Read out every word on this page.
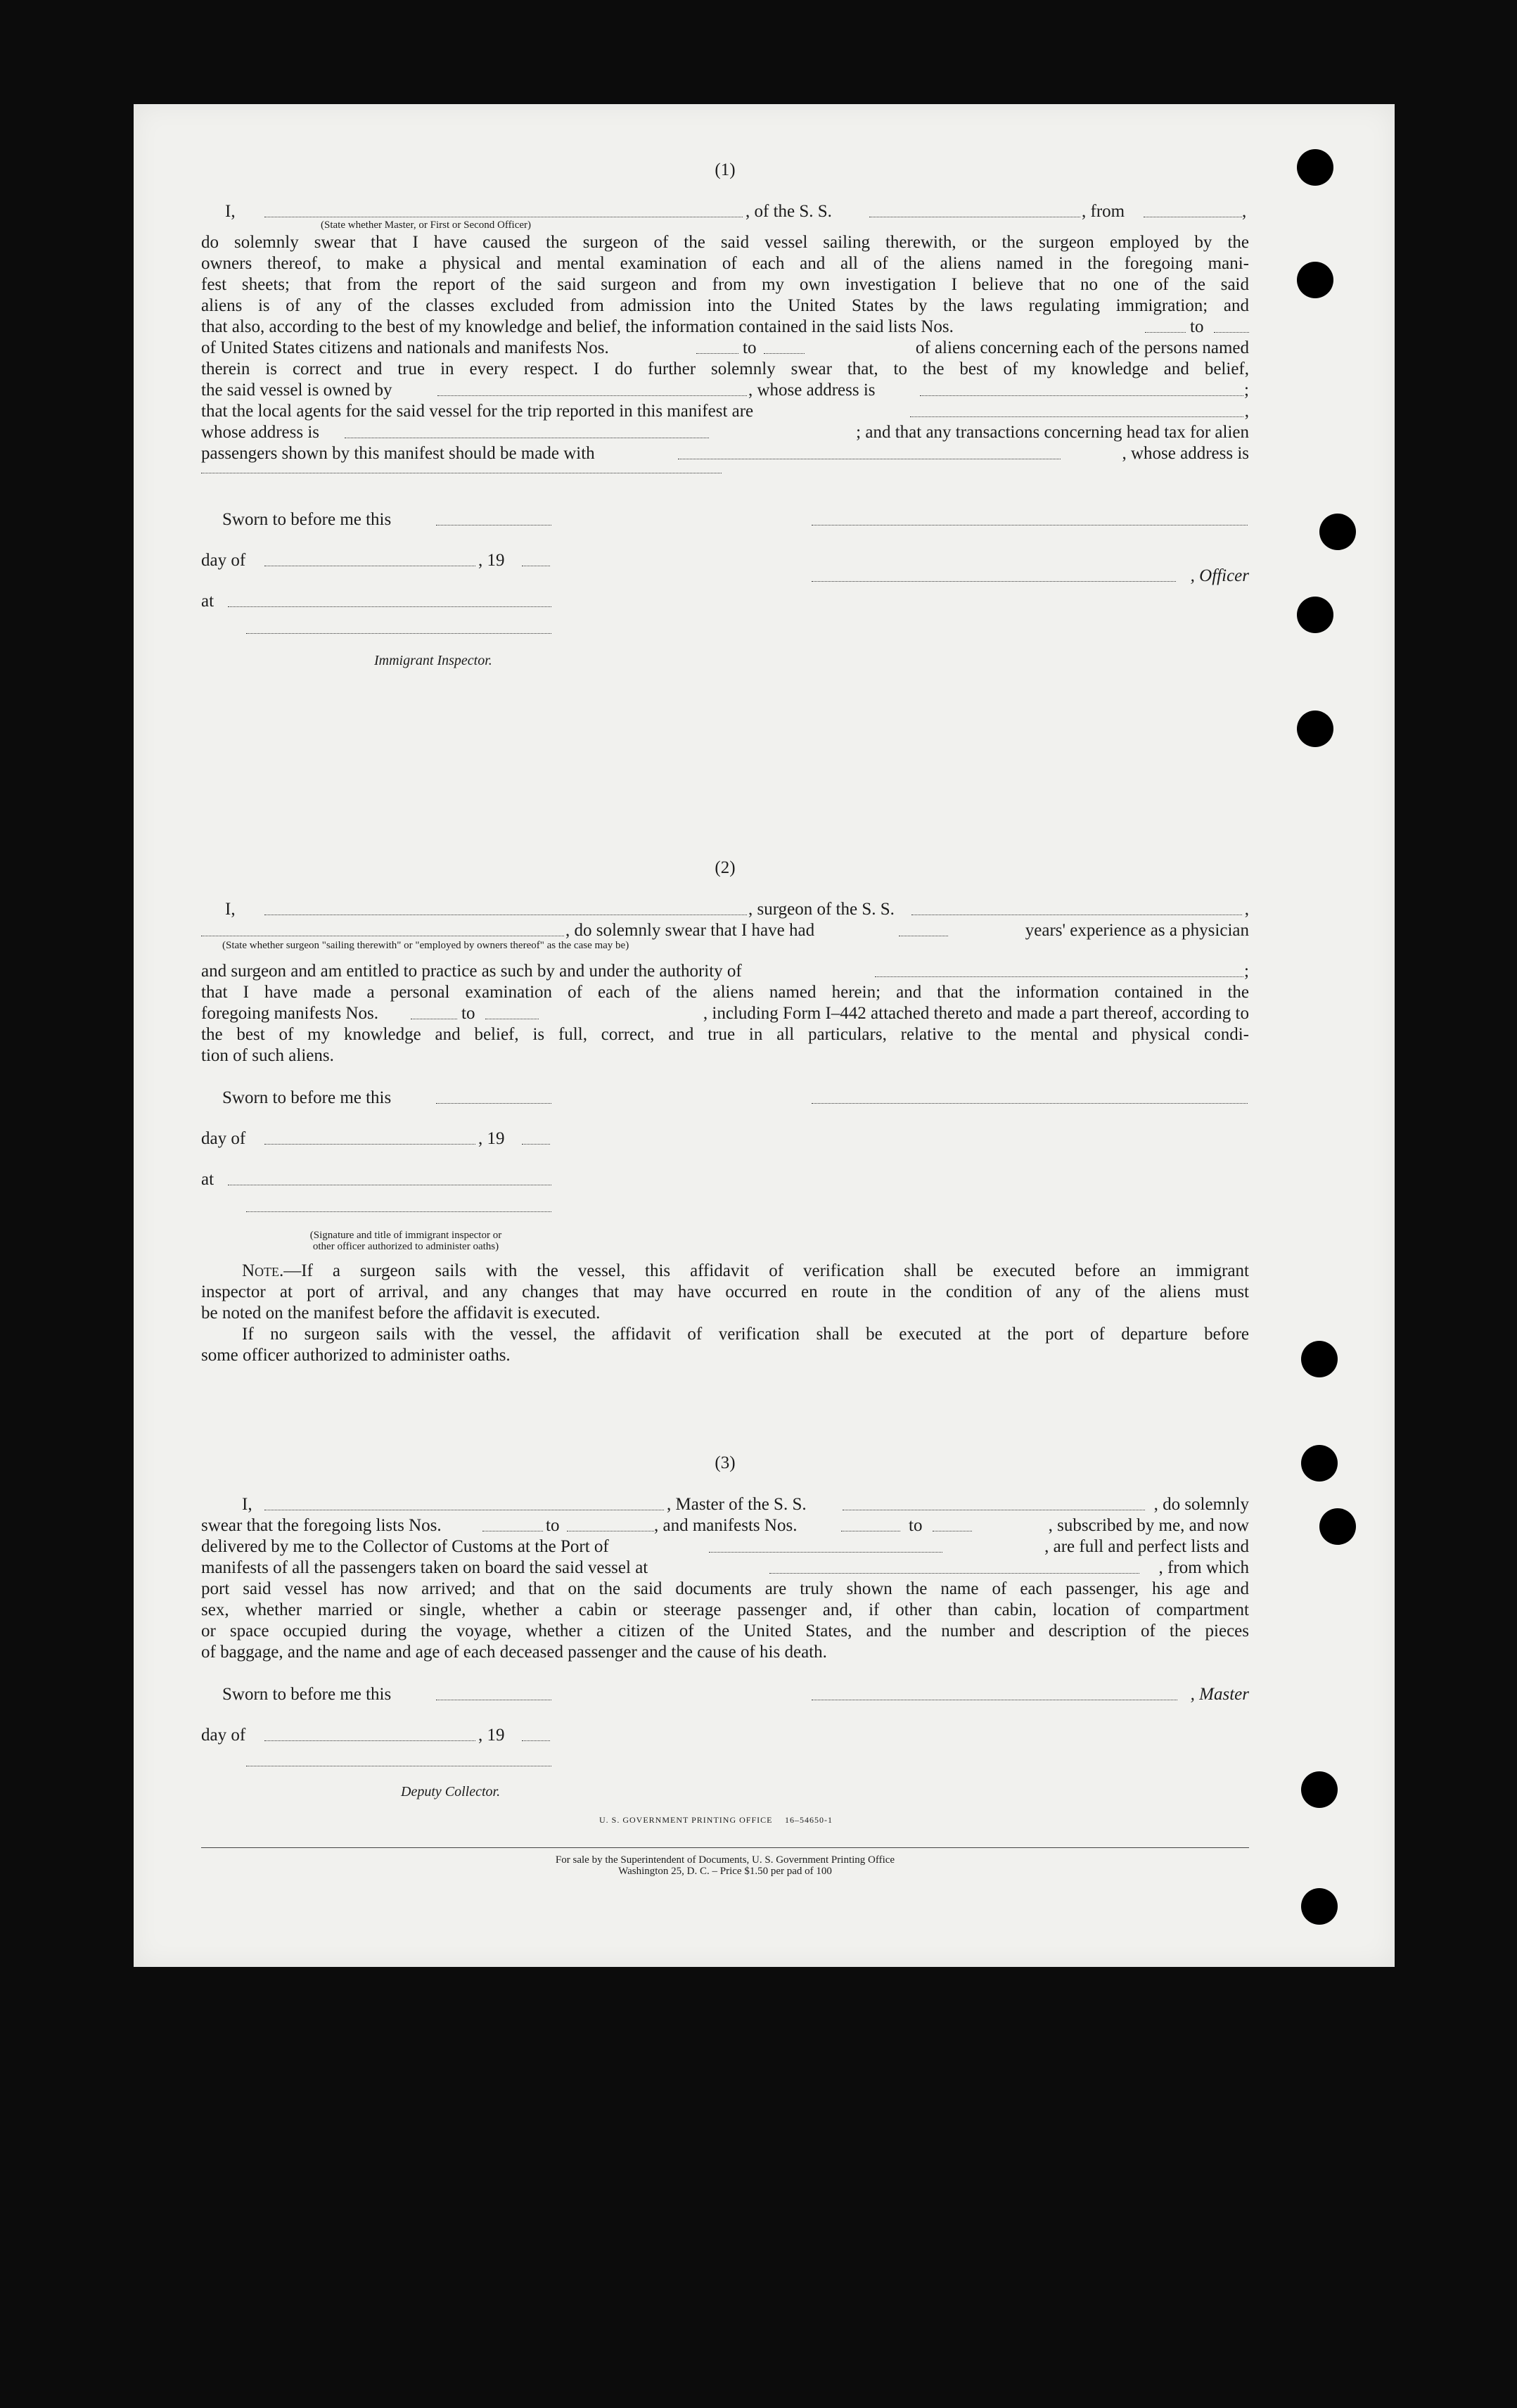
(1)
I,	, of the S. S.	, from	,
(State whether Master, or First or Second Officer)
do solemnly swear that I have caused the surgeon of the said vessel sailing therewith, or the surgeon employed by the
owners thereof, to make a physical and mental examination of each and all of the aliens named in the foregoing mani-
fest sheets; that from the report of the said surgeon and from my own investigation I believe that no one of the said
aliens is of any of the classes excluded from admission into the United States by the laws regulating immigration; and
that also, according to the best of my knowledge and belief, the information contained in the said lists Nos.	to
of United States citizens and nationals and manifests Nos.	to	of aliens concerning each of the persons named
therein is correct and true in every respect. I do further solemnly swear that, to the best of my knowledge and belief,
the said vessel is owned by	, whose address is	;
that the local agents for the said vessel for the trip reported in this manifest are	,
whose address is	; and that any transactions concerning head tax for alien
passengers shown by this manifest should be made with	, whose address is
Sworn to before me this
day of	, 19
, Officer
at
Immigrant Inspector.
(2)
I,	, surgeon of the S. S.	,
, do solemnly swear that I have had	years' experience as a physician
(State whether surgeon "sailing therewith" or "employed by owners thereof" as the case may be)
and surgeon and am entitled to practice as such by and under the authority of	;
that I have made a personal examination of each of the aliens named herein; and that the information contained in the
foregoing manifests Nos.	to	, including Form I–442 attached thereto and made a part thereof, according to
the best of my knowledge and belief, is full, correct, and true in all particulars, relative to the mental and physical condi-
tion of such aliens.
Sworn to before me this
day of	, 19
at
(Signature and title of immigrant inspector or
other officer authorized to administer oaths)
Note.—If a surgeon sails with the vessel, this affidavit of verification shall be executed before an immigrant
inspector at port of arrival, and any changes that may have occurred en route in the condition of any of the aliens must
be noted on the manifest before the affidavit is executed.
If no surgeon sails with the vessel, the affidavit of verification shall be executed at the port of departure before
some officer authorized to administer oaths.
(3)
I,	, Master of the S. S.	, do solemnly
swear that the foregoing lists Nos.	to	, and manifests Nos.	to	, subscribed by me, and now
delivered by me to the Collector of Customs at the Port of	, are full and perfect lists and
manifests of all the passengers taken on board the said vessel at	, from which
port said vessel has now arrived; and that on the said documents are truly shown the name of each passenger, his age and
sex, whether married or single, whether a cabin or steerage passenger and, if other than cabin, location of compartment
or space occupied during the voyage, whether a citizen of the United States, and the number and description of the pieces
of baggage, and the name and age of each deceased passenger and the cause of his death.
Sworn to before me this	, Master
day of	, 19
Deputy Collector.
U. S. GOVERNMENT PRINTING OFFICE 16–54650-1
For sale by the Superintendent of Documents, U. S. Government Printing Office
Washington 25, D. C. – Price $1.50 per pad of 100
